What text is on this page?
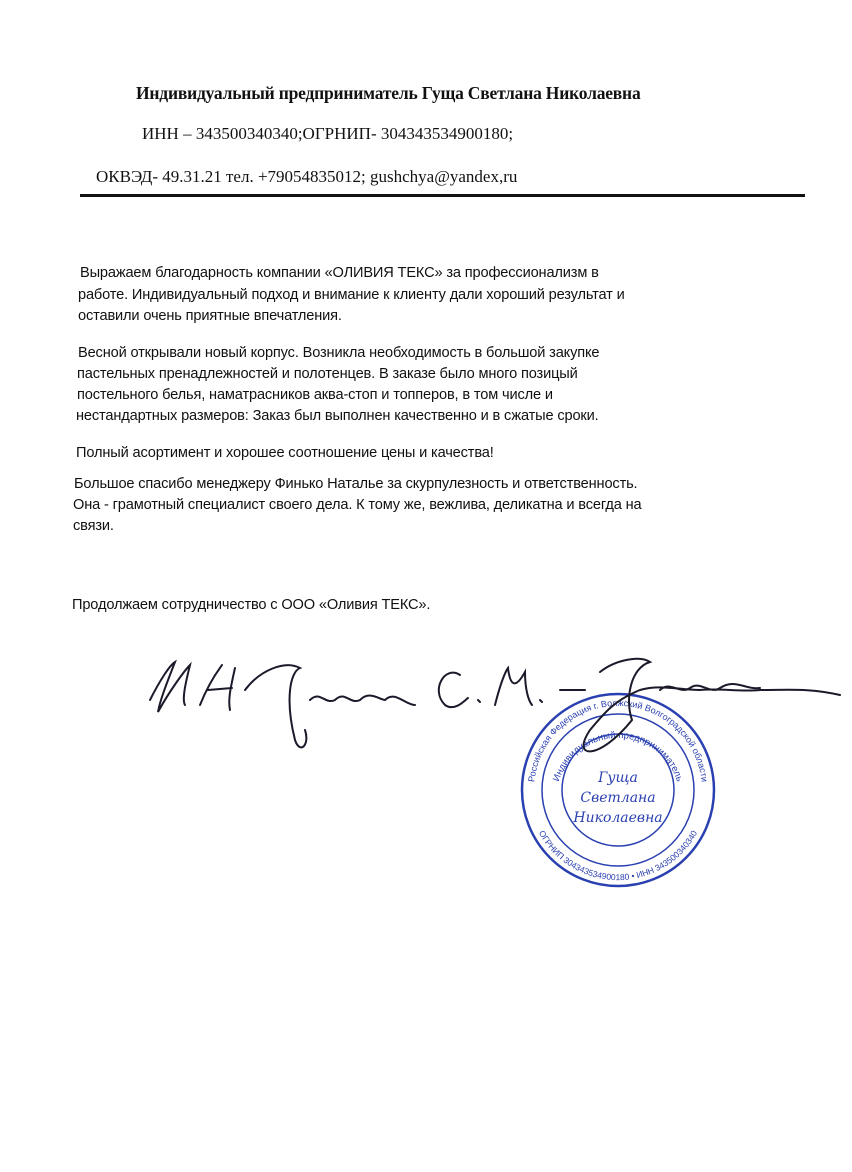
Индивидуальный предприниматель Гуща Светлана Николаевна
ИНН – 343500340340;ОГРНИП- 304343534900180;
ОКВЭД- 49.31.21 тел. +79054835012; gushchya@yandex,ru
Выражаем благодарность компании «ОЛИВИЯ ТЕКС» за профессионализм в
работе. Индивидуальный подход и внимание к клиенту дали хороший результат и
оставили очень приятные впечатления.
Весной открывали новый корпус. Возникла необходимость в большой закупке
пастельных пренадлежностей и полотенцев. В заказе было много позицый
постельного белья, наматрасников аква-стоп и топперов, в том числе и
нестандартных размеров: Заказ был выполнен качественно и в сжатые сроки.
Полный асортимент и хорошее соотношение цены и качества!
Большое спасибо менеджеру Финько Наталье за скурпулезность и ответственность.
Она - грамотный специалист своего дела. К тому же, вежлива, деликатна и всегда на
связи.
Продолжаем сотрудничество с ООО «Оливия ТЕКС».
Российская Федерация г. Волжский Волгоградской области
ОГРНИП 304343534900180 • ИНН 343500340340
Индивидуальный предприниматель
Гуща
Светлана
Николаевна
